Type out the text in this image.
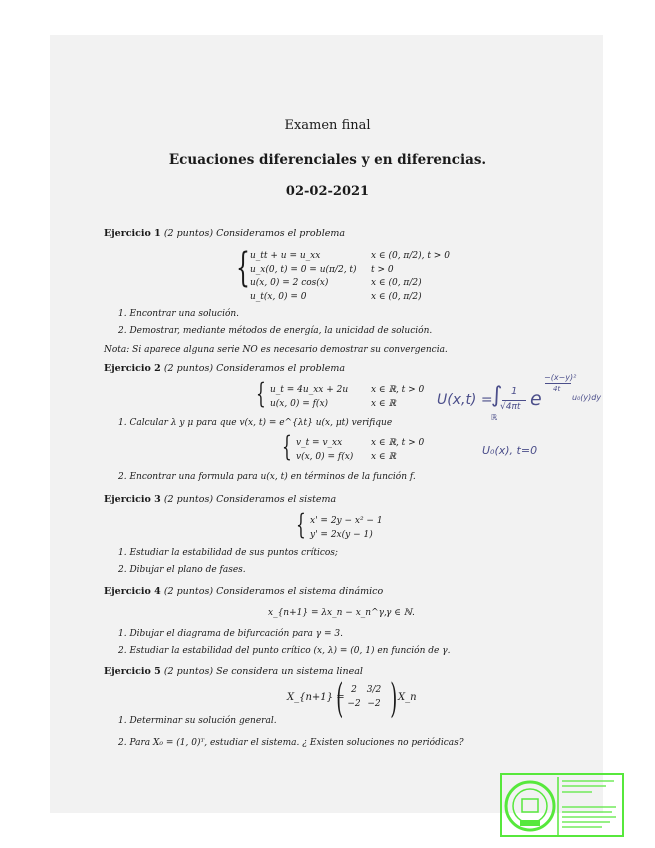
Examen final
Ecuaciones diferenciales y en diferencias.
02-02-2021
Ejercicio 1 (2 puntos) Consideramos el problema
{ u_tt + u = u_xx
u_x(0, t) = 0 = u(π/2, t)
u(x, 0) = 2 cos(x)
u_t(x, 0) = 0
x ∈ (0, π/2), t > 0
t > 0
x ∈ (0, π/2)
x ∈ (0, π/2)
1. Encontrar una solución.
2. Demostrar, mediante métodos de energía, la unicidad de solución.
Nota: Si aparece alguna serie NO es necesario demostrar su convergencia.
Ejercicio 2 (2 puntos) Consideramos el problema
{ u_t = 4u_xx + 2u
u(x, 0) = f(x)
x ∈ ℝ, t > 0
x ∈ ℝ
1. Calcular λ y μ para que v(x, t) = e^{λt} u(x, μt) verifique
{ v_t = v_xx
v(x, 0) = f(x)
x ∈ ℝ, t > 0
x ∈ ℝ
2. Encontrar una formula para u(x, t) en términos de la función f.
U(x,t) =
∫
ℝ
1
√4πt e
−(x−y)²
4t
u₀(y)dy
U₀(x), t=0
Ejercicio 3 (2 puntos) Consideramos el sistema
{ x' = 2y − x² − 1
y' = 2x(y − 1)
1. Estudiar la estabilidad de sus puntos críticos;
2. Dibujar el plano de fases.
Ejercicio 4 (2 puntos) Consideramos el sistema dinámico
x_{n+1} = λx_n − x_n^γ, γ ∈ ℕ.
1. Dibujar el diagrama de bifurcación para γ = 3.
2. Estudiar la estabilidad del punto crítico (x, λ) = (0, 1) en función de γ.
Ejercicio 5 (2 puntos) Se considera un sistema lineal
X_{n+1} =
( 2 3/2
−2 −2 ) X_n
1. Determinar su solución general.
2. Para X₀ = (1, 0)ᵀ, estudiar el sistema. ¿ Existen soluciones no periódicas?
